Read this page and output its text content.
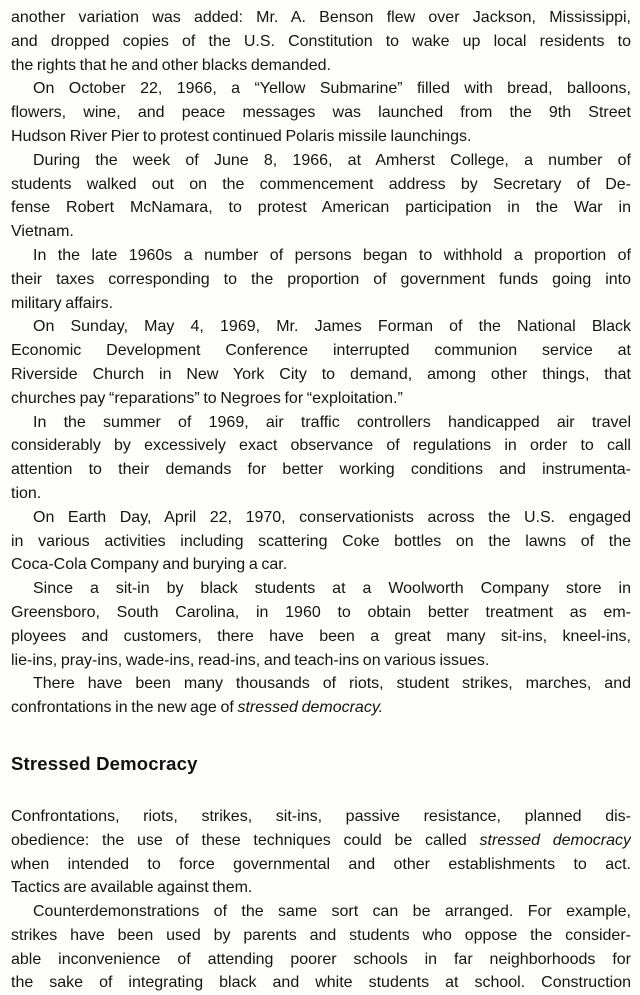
another variation was added: Mr. A. Benson flew over Jackson, Mississippi,
and dropped copies of the U.S. Constitution to wake up local residents to
the rights that he and other blacks demanded.
On October 22, 1966, a “Yellow Submarine” filled with bread, balloons,
flowers, wine, and peace messages was launched from the 9th Street
Hudson River Pier to protest continued Polaris missile launchings.
During the week of June 8, 1966, at Amherst College, a number of
students walked out on the commencement address by Secretary of De-
fense Robert McNamara, to protest American participation in the War in
Vietnam.
In the late 1960s a number of persons began to withhold a proportion of
their taxes corresponding to the proportion of government funds going into
military affairs.
On Sunday, May 4, 1969, Mr. James Forman of the National Black
Economic Development Conference interrupted communion service at
Riverside Church in New York City to demand, among other things, that
churches pay “reparations” to Negroes for “exploitation.”
In the summer of 1969, air traffic controllers handicapped air travel
considerably by excessively exact observance of regulations in order to call
attention to their demands for better working conditions and instrumenta-
tion.
On Earth Day, April 22, 1970, conservationists across the U.S. engaged
in various activities including scattering Coke bottles on the lawns of the
Coca-Cola Company and burying a car.
Since a sit-in by black students at a Woolworth Company store in
Greensboro, South Carolina, in 1960 to obtain better treatment as em-
ployees and customers, there have been a great many sit-ins, kneel-ins,
lie-ins, pray-ins, wade-ins, read-ins, and teach-ins on various issues.
There have been many thousands of riots, student strikes, marches, and
confrontations in the new age of stressed democracy.
Stressed Democracy
Confrontations, riots, strikes, sit-ins, passive resistance, planned dis-
obedience: the use of these techniques could be called stressed democracy
when intended to force governmental and other establishments to act.
Tactics are available against them.
Counterdemonstrations of the same sort can be arranged. For example,
strikes have been used by parents and students who oppose the consider-
able inconvenience of attending poorer schools in far neighborhoods for
the sake of integrating black and white students at school. Construction
